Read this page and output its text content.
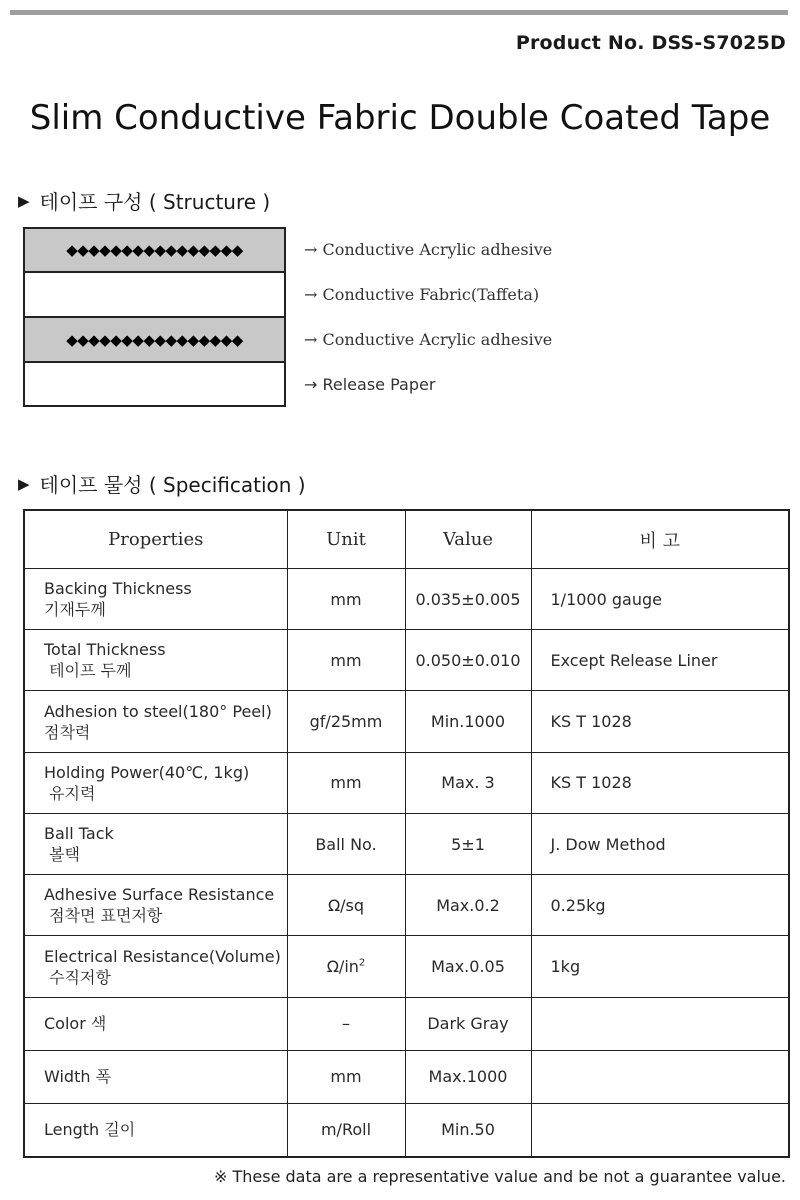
Product No. DSS-S7025D
Slim Conductive Fabric Double Coated Tape
▶ 테이프 구성 ( Structure )
◆◆◆◆◆◆◆◆◆◆◆◆◆◆◆◆
◆◆◆◆◆◆◆◆◆◆◆◆◆◆◆◆
→ Conductive Acrylic adhesive
→ Conductive Fabric(Taffeta)
→ Conductive Acrylic adhesive
→ Release Paper
▶ 테이프 물성 ( Specification )
Properties	Unit	Value	비 고
Backing Thickness
기재두께	mm	0.035±0.005	1/1000 gauge
Total Thickness
테이프 두께	mm	0.050±0.010	Except Release Liner
Adhesion to steel(180° Peel)
점착력	gf/25mm	Min.1000	KS T 1028
Holding Power(40℃, 1kg)
유지력	mm	Max. 3	KS T 1028
Ball Tack
볼택	Ball No.	5±1	J. Dow Method
Adhesive Surface Resistance
점착면 표면저항	Ω/sq	Max.0.2	0.25kg
Electrical Resistance(Volume)
수직저항	$\Omega/in^2$	Max.0.05	1kg
Color 색	–	Dark Gray	
Width 폭	mm	Max.1000	
Length 길이	m/Roll	Min.50	
※ These data are a representative value and be not a guarantee value.
